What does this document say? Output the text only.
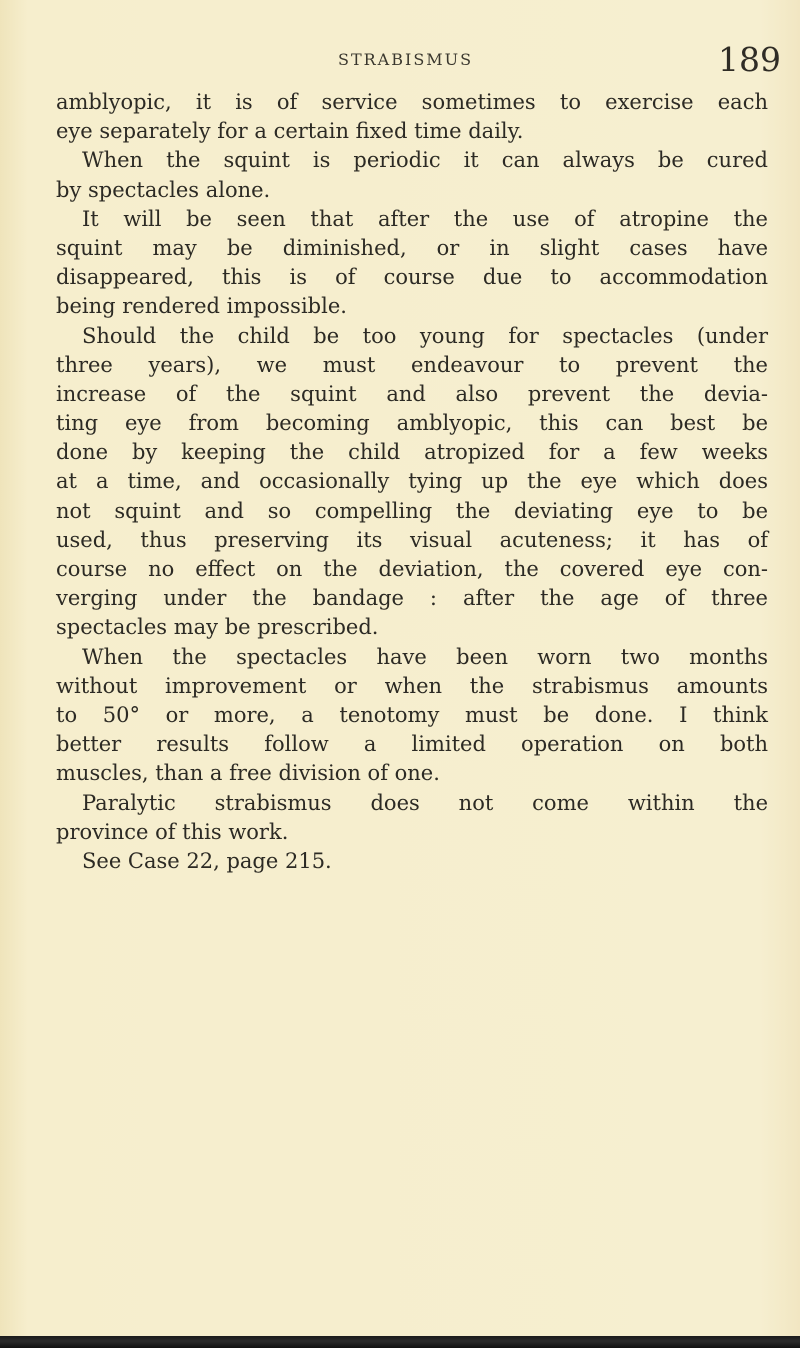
STRABISMUS	189
amblyopic, it is of service sometimes to exercise each
eye separately for a certain fixed time daily.
When the squint is periodic it can always be cured
by spectacles alone.
It will be seen that after the use of atropine the
squint may be diminished, or in slight cases have
disappeared, this is of course due to accommodation
being rendered impossible.
Should the child be too young for spectacles (under
three years), we must endeavour to prevent the
increase of the squint and also prevent the devia-
ting eye from becoming amblyopic, this can best be
done by keeping the child atropized for a few weeks
at a time, and occasionally tying up the eye which does
not squint and so compelling the deviating eye to be
used, thus preserving its visual acuteness; it has of
course no effect on the deviation, the covered eye con-
verging under the bandage : after the age of three
spectacles may be prescribed.
When the spectacles have been worn two months
without improvement or when the strabismus amounts
to 50° or more, a tenotomy must be done. I think
better results follow a limited operation on both
muscles, than a free division of one.
Paralytic strabismus does not come within the
province of this work.
See Case 22, page 215.
